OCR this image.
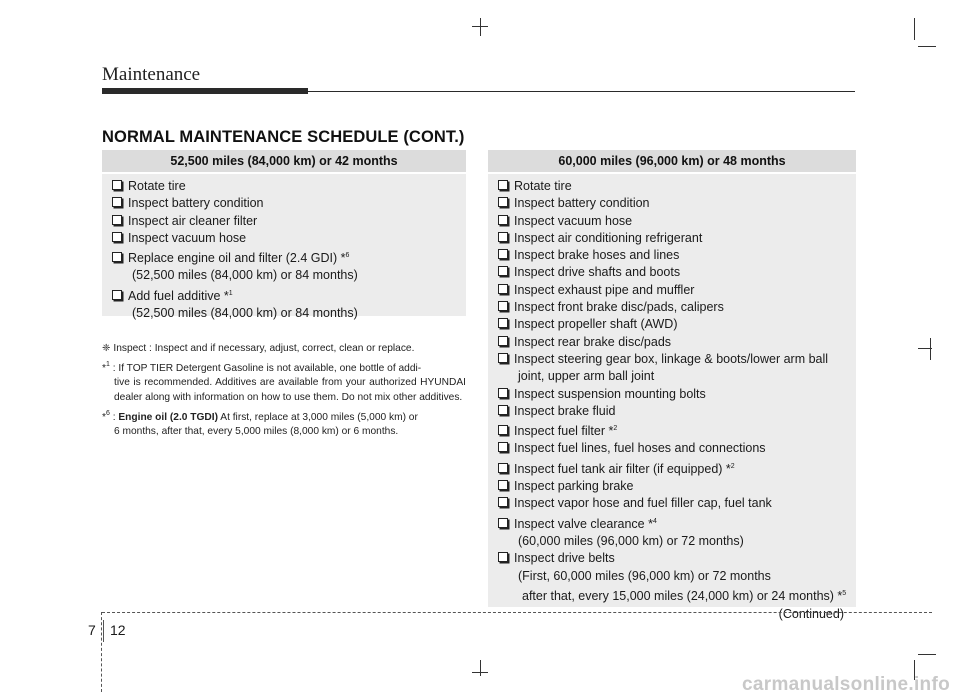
Maintenance
NORMAL MAINTENANCE SCHEDULE (CONT.)
52,500 miles (84,000 km) or 42 months
Rotate tire
Inspect battery condition
Inspect air cleaner filter
Inspect vacuum hose
Replace engine oil and filter (2.4 GDI) *$^6$
(52,500 miles (84,000 km) or 84 months)
Add fuel additive *$^1$
(52,500 miles (84,000 km) or 84 months)
❈ Inspect : Inspect and if necessary, adjust, correct, clean or replace.
*$^1$ : If TOP TIER Detergent Gasoline is not available, one bottle of addi-
tive is recommended. Additives are available from your authorized HYUNDAI dealer along with information on how to use them. Do not mix other additives.
*$^6$ : Engine oil (2.0 TGDI) At first, replace at 3,000 miles (5,000 km) or
6 months, after that, every 5,000 miles (8,000 km) or 6 months.
60,000 miles (96,000 km) or 48 months
Rotate tire
Inspect battery condition
Inspect vacuum hose
Inspect air conditioning refrigerant
Inspect brake hoses and lines
Inspect drive shafts and boots
Inspect exhaust pipe and muffler
Inspect front brake disc/pads, calipers
Inspect propeller shaft (AWD)
Inspect rear brake disc/pads
Inspect steering gear box, linkage & boots/lower arm ball
joint, upper arm ball joint
Inspect suspension mounting bolts
Inspect brake fluid
Inspect fuel filter *$^2$
Inspect fuel lines, fuel hoses and connections
Inspect fuel tank air filter (if equipped) *$^2$
Inspect parking brake
Inspect vapor hose and fuel filler cap, fuel tank
Inspect valve clearance *$^4$
(60,000 miles (96,000 km) or 72 months)
Inspect drive belts
(First, 60,000 miles (96,000 km) or 72 months
after that, every 15,000 miles (24,000 km) or 24 months) *$^5$
(Continued)
7 12
carmanualsonline.info
